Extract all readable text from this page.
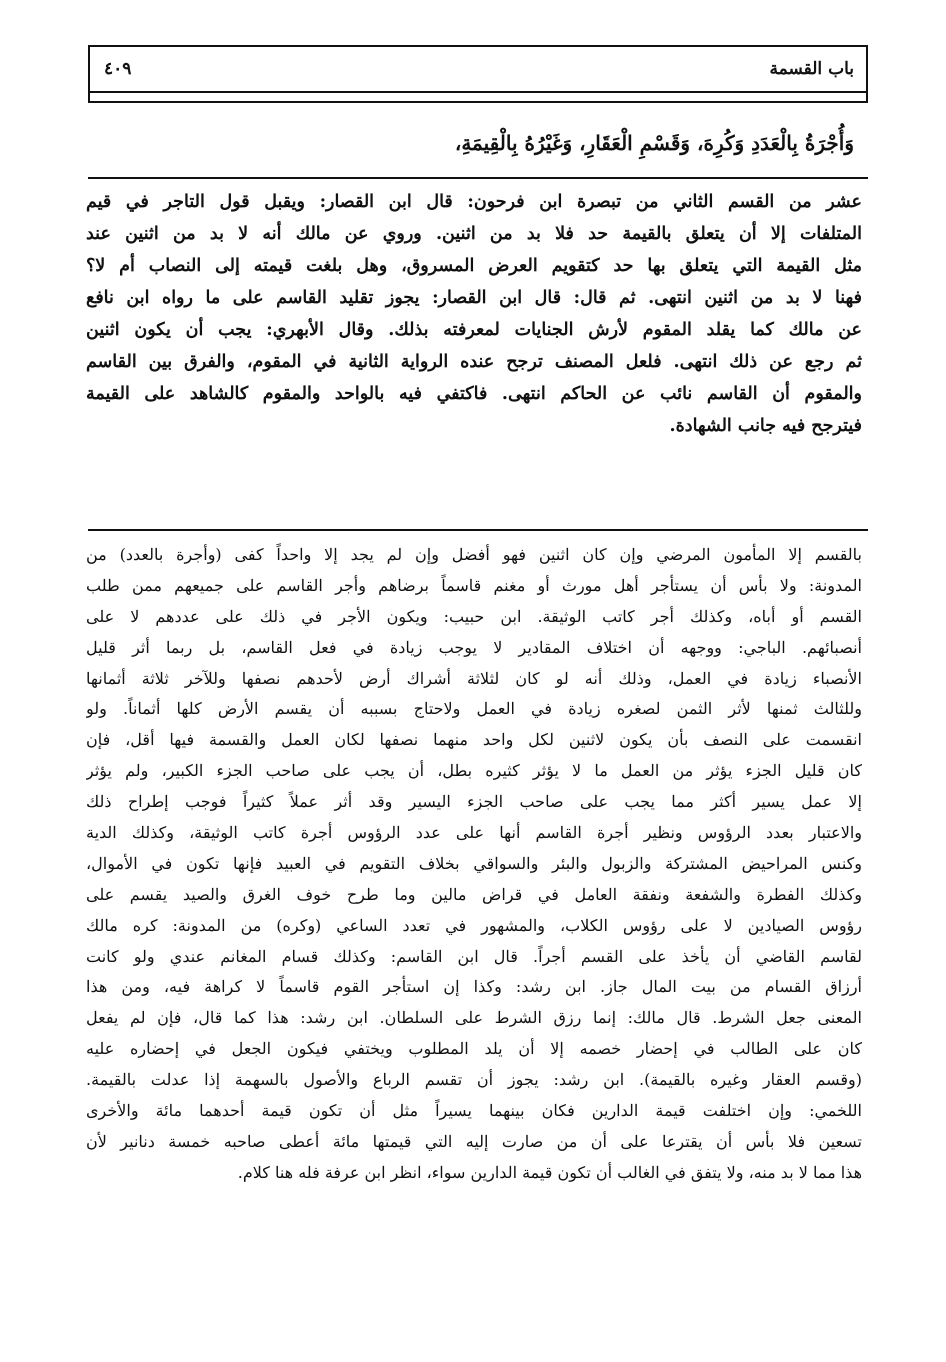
باب القسمة
٤٠٩
وَأُجْرَةُ بِالْعَدَدِ وَكُرِهَ، وَقَسْمِ الْعَقَارِ، وَغَيْرُهُ بِالْقِيمَةِ،
عشر من القسم الثاني من تبصرة ابن فرحون: قال ابن القصار: ويقبل قول التاجر في قيم
المتلفات إلا أن يتعلق بالقيمة حد فلا بد من اثنين. وروي عن مالك أنه لا بد من اثنين عند
مثل القيمة التي يتعلق بها حد كتقويم العرض المسروق، وهل بلغت قيمته إلى النصاب أم لا؟
فهنا لا بد من اثنين انتهى. ثم قال: قال ابن القصار: يجوز تقليد القاسم على ما رواه ابن نافع
عن مالك كما يقلد المقوم لأرش الجنايات لمعرفته بذلك. وقال الأبهري: يجب أن يكون اثنين
ثم رجع عن ذلك انتهى. فلعل المصنف ترجح عنده الرواية الثانية في المقوم، والفرق بين القاسم
والمقوم أن القاسم نائب عن الحاكم انتهى. فاكتفي فيه بالواحد والمقوم كالشاهد على القيمة
فيترجح فيه جانب الشهادة.
بالقسم إلا المأمون المرضي وإن كان اثنين فهو أفضل وإن لم يجد إلا واحداً كفى (وأجرة بالعدد) من
المدونة: ولا بأس أن يستأجر أهل مورث أو مغنم قاسماً برضاهم وأجر القاسم على جميعهم ممن طلب
القسم أو أباه، وكذلك أجر كاتب الوثيقة. ابن حبيب: ويكون الأجر في ذلك على عددهم لا على
أنصبائهم. الباجي: ووجهه أن اختلاف المقادير لا يوجب زيادة في فعل القاسم، بل ربما أثر قليل
الأنصباء زيادة في العمل، وذلك أنه لو كان لثلاثة أشراك أرض لأحدهم نصفها وللآخر ثلاثة أثمانها
وللثالث ثمنها لأثر الثمن لصغره زيادة في العمل ولاحتاج بسببه أن يقسم الأرض كلها أثماناً. ولو
انقسمت على النصف بأن يكون لاثنين لكل واحد منهما نصفها لكان العمل والقسمة فيها أقل، فإن
كان قليل الجزء يؤثر من العمل ما لا يؤثر كثيره بطل، أن يجب على صاحب الجزء الكبير، ولم يؤثر
إلا عمل يسير أكثر مما يجب على صاحب الجزء اليسير وقد أثر عملاً كثيراً فوجب إطراح ذلك
والاعتبار بعدد الرؤوس ونظير أجرة القاسم أنها على عدد الرؤوس أجرة كاتب الوثيقة، وكذلك الدية
وكنس المراحيض المشتركة والزبول والبئر والسواقي بخلاف التقويم في العبيد فإنها تكون في الأموال،
وكذلك الفطرة والشفعة ونفقة العامل في قراض مالين وما طرح خوف الغرق والصيد يقسم على
رؤوس الصيادين لا على رؤوس الكلاب، والمشهور في تعدد الساعي (وكره) من المدونة: كره مالك
لقاسم القاضي أن يأخذ على القسم أجراً. قال ابن القاسم: وكذلك قسام المغانم عندي ولو كانت
أرزاق القسام من بيت المال جاز. ابن رشد: وكذا إن استأجر القوم قاسماً لا كراهة فيه، ومن هذا
المعنى جعل الشرط. قال مالك: إنما رزق الشرط على السلطان. ابن رشد: هذا كما قال، فإن لم يفعل
كان على الطالب في إحضار خصمه إلا أن يلد المطلوب ويختفي فيكون الجعل في إحضاره عليه
(وقسم العقار وغيره بالقيمة). ابن رشد: يجوز أن تقسم الرباع والأصول بالسهمة إذا عدلت بالقيمة.
اللخمي: وإن اختلفت قيمة الدارين فكان بينهما يسيراً مثل أن تكون قيمة أحدهما مائة والأخرى
تسعين فلا بأس أن يقترعا على أن من صارت إليه التي قيمتها مائة أعطى صاحبه خمسة دنانير لأن
هذا مما لا بد منه، ولا يتفق في الغالب أن تكون قيمة الدارين سواء، انظر ابن عرفة فله هنا كلام.
